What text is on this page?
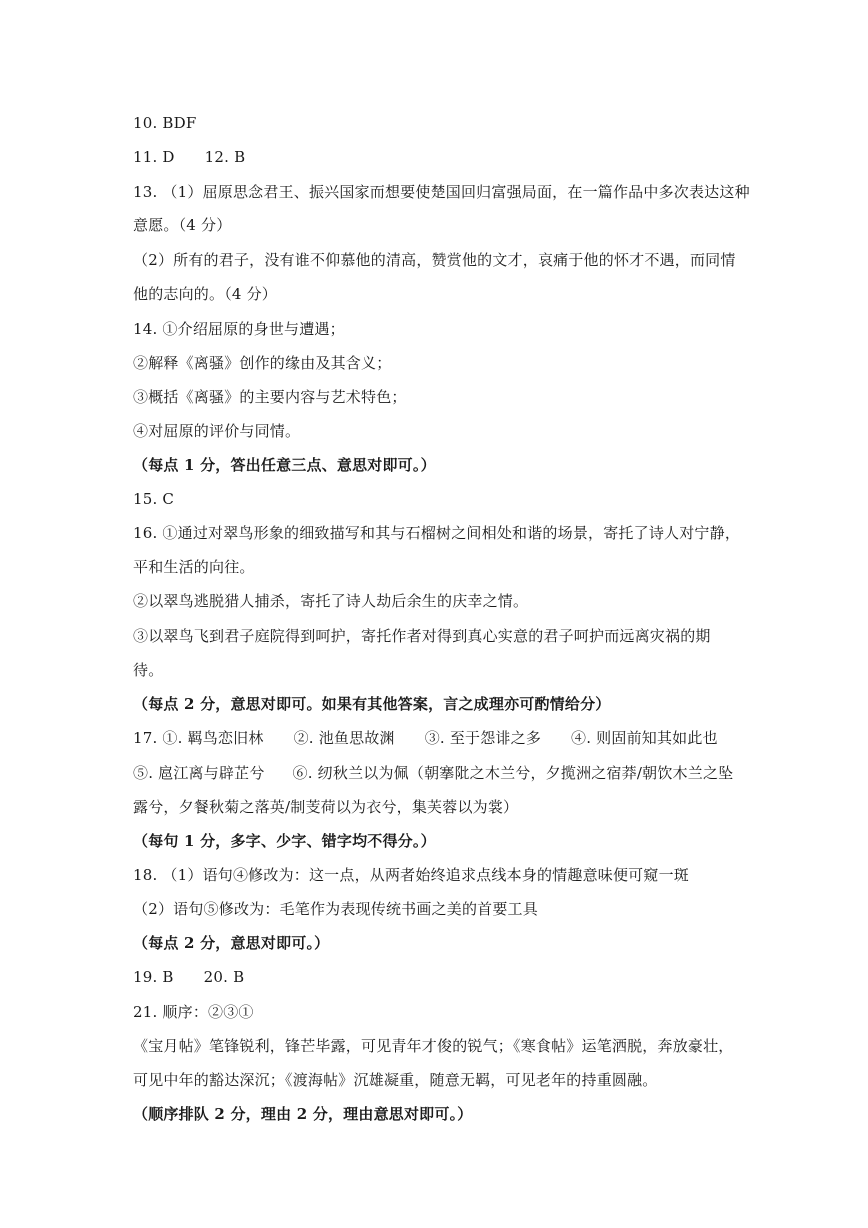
10. BDF
11. D 12. B
13. （1）屈原思念君王、振兴国家而想要使楚国回归富强局面，在一篇作品中多次表达这种
意愿。（4 分）
（2）所有的君子，没有谁不仰慕他的清高，赞赏他的文才，哀痛于他的怀才不遇，而同情
他的志向的。（4 分）
14. ①介绍屈原的身世与遭遇；
②解释《离骚》创作的缘由及其含义；
③概括《离骚》的主要内容与艺术特色；
④对屈原的评价与同情。
（每点 1 分，答出任意三点、意思对即可。）
15. C
16. ①通过对翠鸟形象的细致描写和其与石榴树之间相处和谐的场景，寄托了诗人对宁静，
平和生活的向往。
②以翠鸟逃脱猎人捕杀，寄托了诗人劫后余生的庆幸之情。
③以翠鸟飞到君子庭院得到呵护，寄托作者对得到真心实意的君子呵护而远离灾祸的期
待。
（每点 2 分，意思对即可。如果有其他答案，言之成理亦可酌情给分）
17. ①. 羁鸟恋旧林 ②. 池鱼思故渊 ③. 至于怨诽之多 ④. 则固前知其如此也
⑤. 扈江离与辟芷兮 ⑥. 纫秋兰以为佩（朝搴阰之木兰兮，夕揽洲之宿莽/朝饮木兰之坠
露兮，夕餐秋菊之落英/制芰荷以为衣兮，集芙蓉以为裳）
（每句 1 分，多字、少字、错字均不得分。）
18. （1）语句④修改为：这一点，从两者始终追求点线本身的情趣意味便可窥一斑
（2）语句⑤修改为：毛笔作为表现传统书画之美的首要工具
（每点 2 分，意思对即可。）
19. B 20. B
21. 顺序：②③①
《宝月帖》笔锋锐利，锋芒毕露，可见青年才俊的锐气；《寒食帖》运笔洒脱，奔放豪壮，
可见中年的豁达深沉；《渡海帖》沉雄凝重，随意无羁，可见老年的持重圆融。
（顺序排队 2 分，理由 2 分，理由意思对即可。）
